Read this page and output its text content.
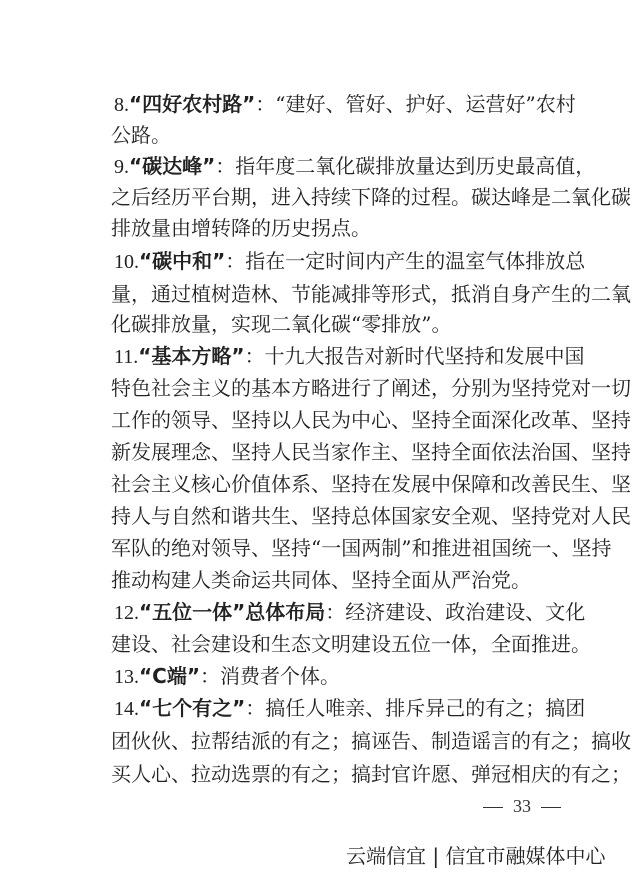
8.“四好农村路”：“建好、管好、护好、运营好”农村
公路。
9.“碳达峰”：指年度二氧化碳排放量达到历史最高值，
之后经历平台期，进入持续下降的过程。碳达峰是二氧化碳
排放量由增转降的历史拐点。
10.“碳中和”：指在一定时间内产生的温室气体排放总
量，通过植树造林、节能减排等形式，抵消自身产生的二氧
化碳排放量，实现二氧化碳“零排放”。
11.“基本方略”：十九大报告对新时代坚持和发展中国
特色社会主义的基本方略进行了阐述，分别为坚持党对一切
工作的领导、坚持以人民为中心、坚持全面深化改革、坚持
新发展理念、坚持人民当家作主、坚持全面依法治国、坚持
社会主义核心价值体系、坚持在发展中保障和改善民生、坚
持人与自然和谐共生、坚持总体国家安全观、坚持党对人民
军队的绝对领导、坚持“一国两制”和推进祖国统一、坚持
推动构建人类命运共同体、坚持全面从严治党。
12.“五位一体”总体布局：经济建设、政治建设、文化
建设、社会建设和生态文明建设五位一体，全面推进。
13.“C端”：消费者个体。
14.“七个有之”：搞任人唯亲、排斥异己的有之；搞团
团伙伙、拉帮结派的有之；搞诬告、制造谣言的有之；搞收
买人心、拉动选票的有之；搞封官许愿、弹冠相庆的有之；
33
云端信宜 | 信宜市融媒体中心
